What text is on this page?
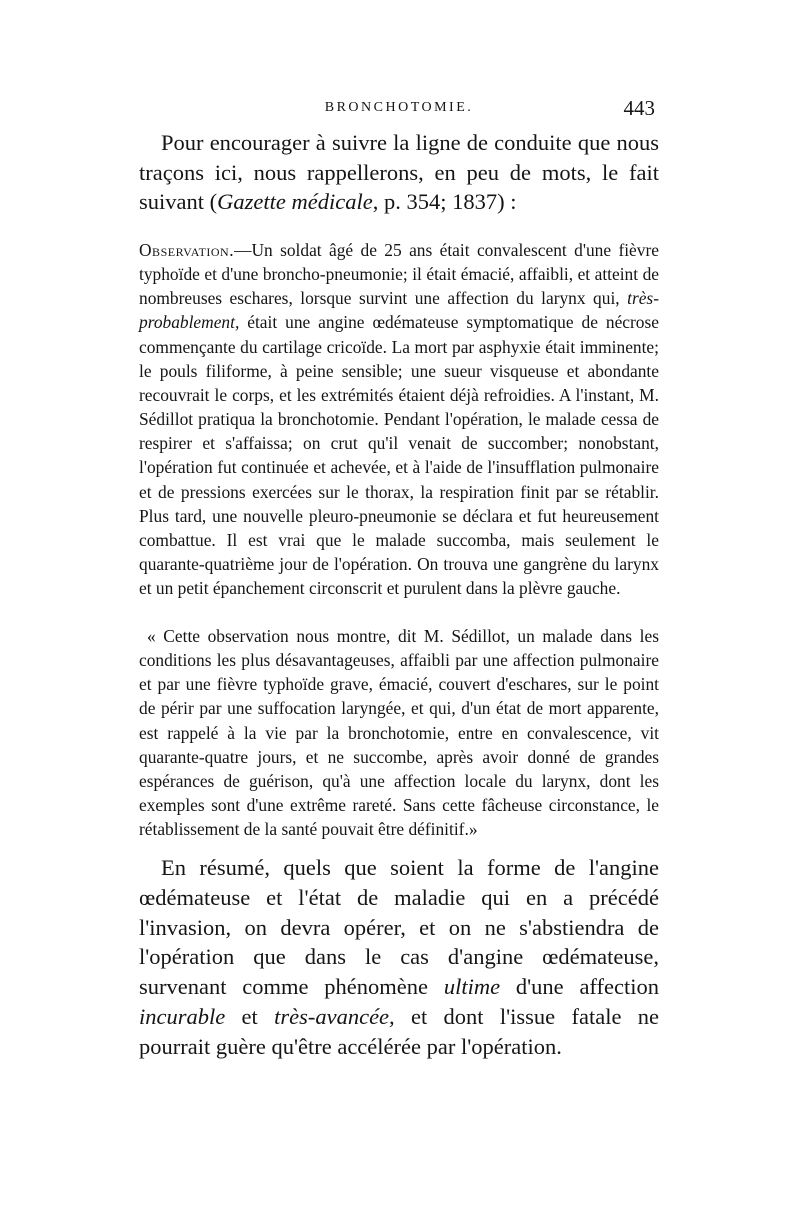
BRONCHOTOMIE.	443

Pour encourager à suivre la ligne de conduite que nous traçons ici, nous rappellerons, en peu de mots, le fait suivant (Gazette médicale, p. 354; 1837) :

Observation.—Un soldat âgé de 25 ans était convalescent d'une fièvre typhoïde et d'une broncho-pneumonie; il était émacié, affaibli, et atteint de nombreuses eschares, lorsque survint une affection du larynx qui, très-probablement, était une angine œdémateuse symptomatique de nécrose commençante du cartilage cricoïde. La mort par asphyxie était imminente; le pouls filiforme, à peine sensible; une sueur visqueuse et abondante recouvrait le corps, et les extrémités étaient déjà refroidies. A l'instant, M. Sédillot pratiqua la bronchotomie. Pendant l'opération, le malade cessa de respirer et s'affaissa; on crut qu'il venait de succomber; nonobstant, l'opération fut continuée et achevée, et à l'aide de l'insufflation pulmonaire et de pressions exercées sur le thorax, la respiration finit par se rétablir. Plus tard, une nouvelle pleuro-pneumonie se déclara et fut heureusement combattue. Il est vrai que le malade succomba, mais seulement le quarante-quatrième jour de l'opération. On trouva une gangrène du larynx et un petit épanchement circonscrit et purulent dans la plèvre gauche.

« Cette observation nous montre, dit M. Sédillot, un malade dans les conditions les plus désavantageuses, affaibli par une affection pulmonaire et par une fièvre typhoïde grave, émacié, couvert d'eschares, sur le point de périr par une suffocation laryngée, et qui, d'un état de mort apparente, est rappelé à la vie par la bronchotomie, entre en convalescence, vit quarante-quatre jours, et ne succombe, après avoir donné de grandes espérances de guérison, qu'à une affection locale du larynx, dont les exemples sont d'une extrême rareté. Sans cette fâcheuse circonstance, le rétablissement de la santé pouvait être définitif.»

En résumé, quels que soient la forme de l'angine œdémateuse et l'état de maladie qui en a précédé l'invasion, on devra opérer, et on ne s'abstiendra de l'opération que dans le cas d'angine œdémateuse, survenant comme phénomène ultime d'une affection incurable et très-avancée, et dont l'issue fatale ne pourrait guère qu'être accélérée par l'opération.
